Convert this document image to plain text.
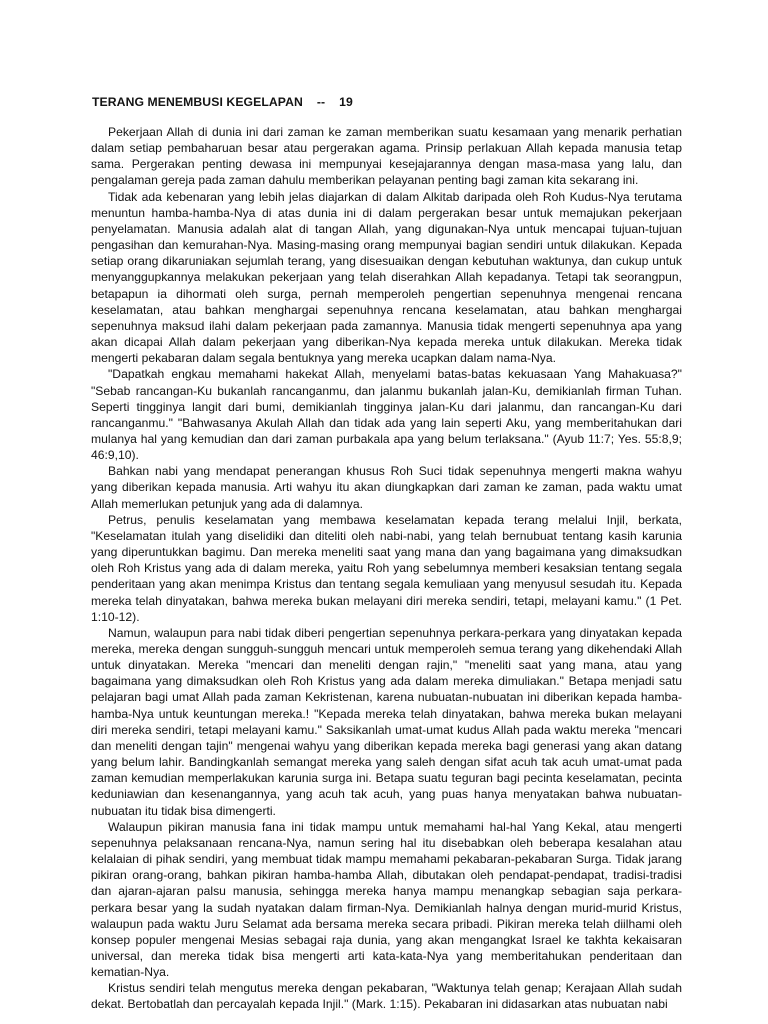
TERANG MENEMBUSI KEGELAPAN -- 19

Pekerjaan Allah di dunia ini dari zaman ke zaman memberikan suatu kesamaan yang menarik perhatian dalam setiap pembaharuan besar atau pergerakan agama. Prinsip perlakuan Allah kepada manusia tetap sama. Pergerakan penting dewasa ini mempunyai kesejajarannya dengan masa-masa yang lalu, dan pengalaman gereja pada zaman dahulu memberikan pelayanan penting bagi zaman kita sekarang ini.

Tidak ada kebenaran yang lebih jelas diajarkan di dalam Alkitab daripada oleh Roh Kudus-Nya terutama menuntun hamba-hamba-Nya di atas dunia ini di dalam pergerakan besar untuk memajukan pekerjaan penyelamatan. Manusia adalah alat di tangan Allah, yang digunakan-Nya untuk mencapai tujuan-tujuan pengasihan dan kemurahan-Nya. Masing-masing orang mempunyai bagian sendiri untuk dilakukan. Kepada setiap orang dikaruniakan sejumlah terang, yang disesuaikan dengan kebutuhan waktunya, dan cukup untuk menyanggupkannya melakukan pekerjaan yang telah diserahkan Allah kepadanya. Tetapi tak seorangpun, betapapun ia dihormati oleh surga, pernah memperoleh pengertian sepenuhnya mengenai rencana keselamatan, atau bahkan menghargai sepenuhnya rencana keselamatan, atau bahkan menghargai sepenuhnya maksud ilahi dalam pekerjaan pada zamannya. Manusia tidak mengerti sepenuhnya apa yang akan dicapai Allah dalam pekerjaan yang diberikan-Nya kepada mereka untuk dilakukan. Mereka tidak mengerti pekabaran dalam segala bentuknya yang mereka ucapkan dalam nama-Nya.

"Dapatkah engkau memahami hakekat Allah, menyelami batas-batas kekuasaan Yang Mahakuasa?" "Sebab rancangan-Ku bukanlah rancanganmu, dan jalanmu bukanlah jalan-Ku, demikianlah firman Tuhan. Seperti tingginya langit dari bumi, demikianlah tingginya jalan-Ku dari jalanmu, dan rancangan-Ku dari rancanganmu." "Bahwasanya Akulah Allah dan tidak ada yang lain seperti Aku, yang memberitahukan dari mulanya hal yang kemudian dan dari zaman purbakala apa yang belum terlaksana." (Ayub 11:7; Yes. 55:8,9; 46:9,10).

Bahkan nabi yang mendapat penerangan khusus Roh Suci tidak sepenuhnya mengerti makna wahyu yang diberikan kepada manusia. Arti wahyu itu akan diungkapkan dari zaman ke zaman, pada waktu umat Allah memerlukan petunjuk yang ada di dalamnya.

Petrus, penulis keselamatan yang membawa keselamatan kepada terang melalui Injil, berkata, "Keselamatan itulah yang diselidiki dan diteliti oleh nabi-nabi, yang telah bernubuat tentang kasih karunia yang diperuntukkan bagimu. Dan mereka meneliti saat yang mana dan yang bagaimana yang dimaksudkan oleh Roh Kristus yang ada di dalam mereka, yaitu Roh yang sebelumnya memberi kesaksian tentang segala penderitaan yang akan menimpa Kristus dan tentang segala kemuliaan yang menyusul sesudah itu. Kepada mereka telah dinyatakan, bahwa mereka bukan melayani diri mereka sendiri, tetapi, melayani kamu." (1 Pet. 1:10-12).

Namun, walaupun para nabi tidak diberi pengertian sepenuhnya perkara-perkara yang dinyatakan kepada mereka, mereka dengan sungguh-sungguh mencari untuk memperoleh semua terang yang dikehendaki Allah untuk dinyatakan. Mereka "mencari dan meneliti dengan rajin," "meneliti saat yang mana, atau yang bagaimana yang dimaksudkan oleh Roh Kristus yang ada dalam mereka dimuliakan." Betapa menjadi satu pelajaran bagi umat Allah pada zaman Kekristenan, karena nubuatan-nubuatan ini diberikan kepada hamba-hamba-Nya untuk keuntungan mereka.! "Kepada mereka telah dinyatakan, bahwa mereka bukan melayani diri mereka sendiri, tetapi melayani kamu." Saksikanlah umat-umat kudus Allah pada waktu mereka "mencari dan meneliti dengan tajin" mengenai wahyu yang diberikan kepada mereka bagi generasi yang akan datang yang belum lahir. Bandingkanlah semangat mereka yang saleh dengan sifat acuh tak acuh umat-umat pada zaman kemudian memperlakukan karunia surga ini. Betapa suatu teguran bagi pecinta keselamatan, pecinta keduniawian dan kesenangannya, yang acuh tak acuh, yang puas hanya menyatakan bahwa nubuatan-nubuatan itu tidak bisa dimengerti.

Walaupun pikiran manusia fana ini tidak mampu untuk memahami hal-hal Yang Kekal, atau mengerti sepenuhnya pelaksanaan rencana-Nya, namun sering hal itu disebabkan oleh beberapa kesalahan atau kelalaian di pihak sendiri, yang membuat tidak mampu memahami pekabaran-pekabaran Surga. Tidak jarang pikiran orang-orang, bahkan pikiran hamba-hamba Allah, dibutakan oleh pendapat-pendapat, tradisi-tradisi dan ajaran-ajaran palsu manusia, sehingga mereka hanya mampu menangkap sebagian saja perkara-perkara besar yang la sudah nyatakan dalam firman-Nya. Demikianlah halnya dengan murid-murid Kristus, walaupun pada waktu Juru Selamat ada bersama mereka secara pribadi. Pikiran mereka telah diilhami oleh konsep populer mengenai Mesias sebagai raja dunia, yang akan mengangkat Israel ke takhta kekaisaran universal, dan mereka tidak bisa mengerti arti kata-kata-Nya yang memberitahukan penderitaan dan kematian-Nya.

Kristus sendiri telah mengutus mereka dengan pekabaran, "Waktunya telah genap; Kerajaan Allah sudah dekat. Bertobatlah dan percayalah kepada Injil." (Mark. 1:15). Pekabaran ini didasarkan atas nubuatan nabi
